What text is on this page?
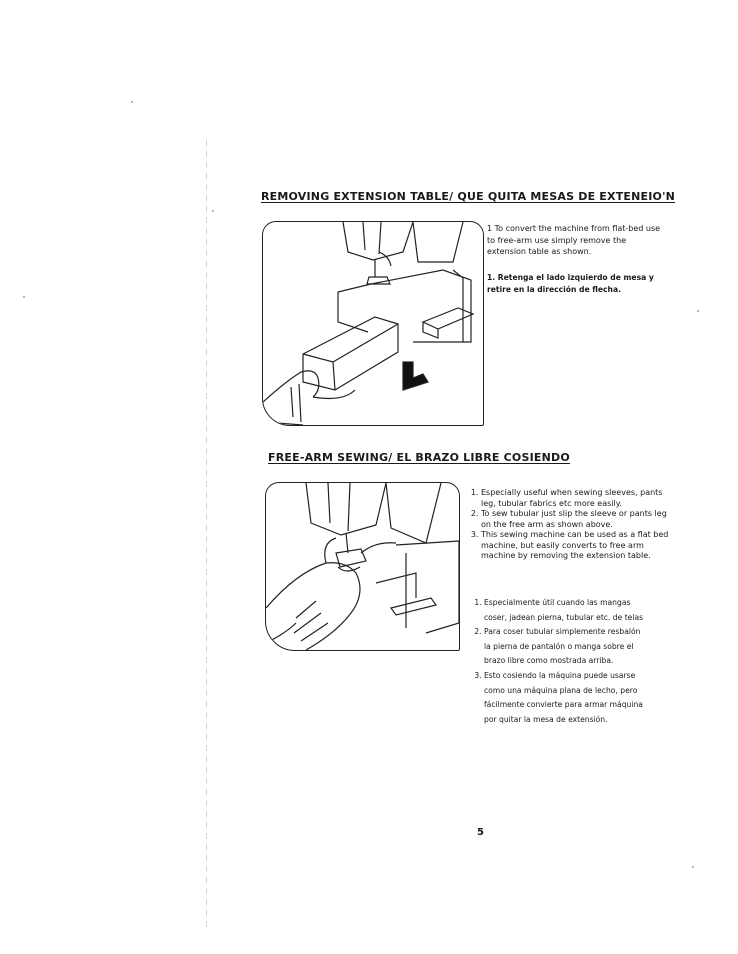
REMOVING EXTENSION TABLE/ QUE QUITA MESAS DE EXTENEIO'N
1 To convert the machine from flat-bed use to free-arm use simply remove the extension table as shown.
1. Retenga el lado izquierdo de mesa y retire en la dirección de flecha.
FREE-ARM SEWING/ EL BRAZO LIBRE COSIENDO
1. Especially useful when sewing sleeves, pants leg, tubular fabrics etc more easily.
2. To sew tubular just slip the sleeve or pants leg on the free arm as shown above.
3. This sewing machine can be used as a flat bed machine, but easily converts to free arm machine by removing the extension table.
1. Especialmente útil cuando las mangas coser, jadean pierna, tubular etc. de telas
2. Para coser tubular simplemente resbalón la pierna de pantalón o manga sobre el brazo libre como mostrada arriba.
3. Esto cosiendo la máquina puede usarse como una máquina plana de lecho, pero fácilmente convierte para armar máquina por quitar la mesa de extensión.
5
